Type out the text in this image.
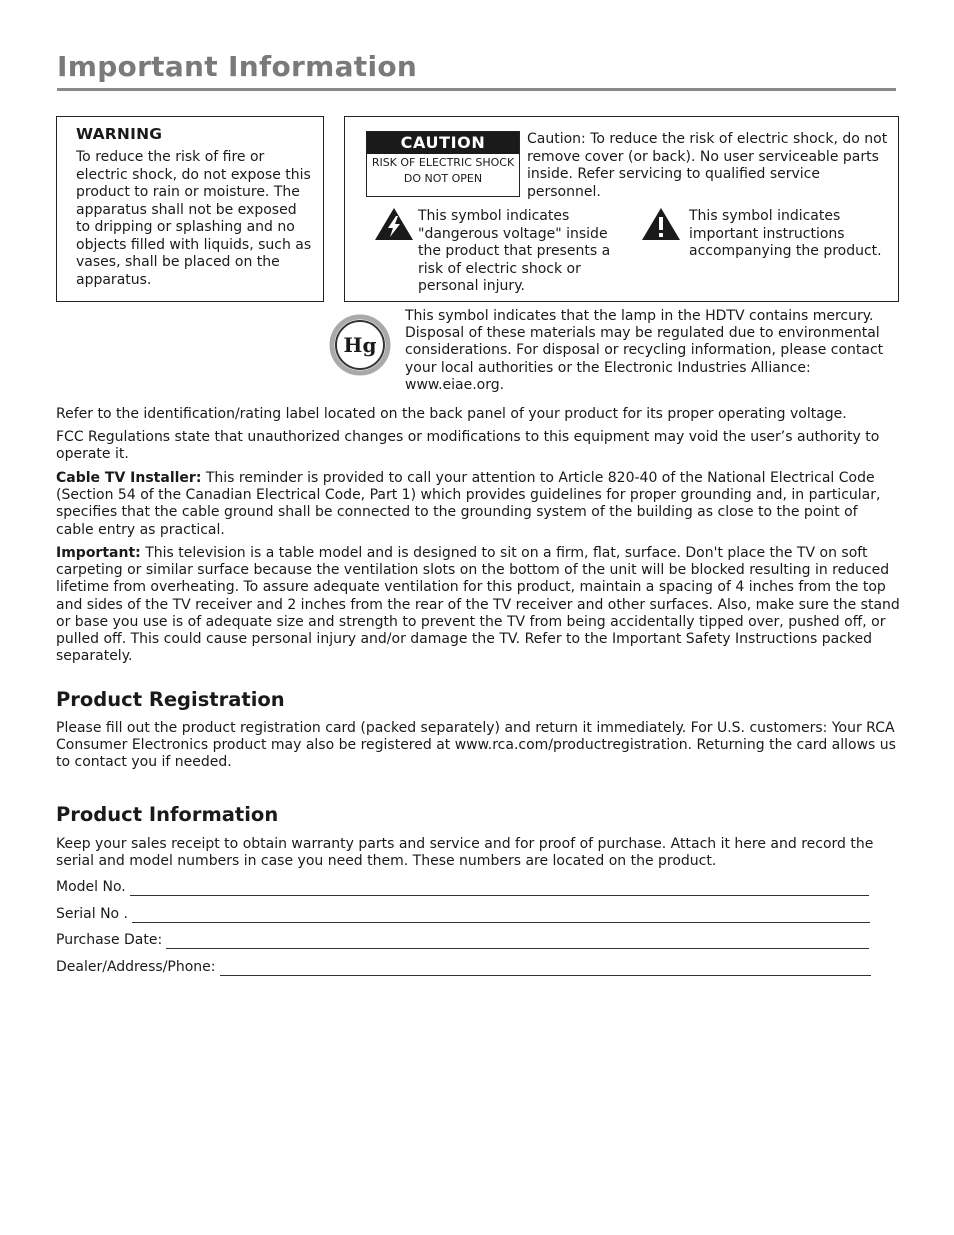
Important Information
WARNING
To reduce the risk of fire or electric shock, do not expose this product to rain or moisture. The apparatus shall not be exposed to dripping or splashing and no objects filled with liquids, such as vases, shall be placed on the apparatus.
CAUTION
RISK OF ELECTRIC SHOCK
DO NOT OPEN
Caution: To reduce the risk of electric shock, do not remove cover (or back). No user serviceable parts inside. Refer servicing to qualified service personnel.
This symbol indicates "dangerous voltage" inside the product that presents a risk of electric shock or personal injury.
This symbol indicates important instructions accompanying the product.
Hg
This symbol indicates that the lamp in the HDTV contains mercury. Disposal of these materials may be regulated due to environmental considerations. For disposal or recycling information, please contact your local authorities or the Electronic Industries Alliance: www.eiae.org.
Refer to the identification/rating label located on the back panel of your product for its proper operating voltage.
FCC Regulations state that unauthorized changes or modifications to this equipment may void the user’s authority to operate it.
Cable TV Installer: This reminder is provided to call your attention to Article 820-40 of the National Electrical Code (Section 54 of the Canadian Electrical Code, Part 1) which provides guidelines for proper grounding and, in particular, specifies that the cable ground shall be connected to the grounding system of the building as close to the point of cable entry as practical.
Important: This television is a table model and is designed to sit on a firm, flat, surface. Don't place the TV on soft carpeting or similar surface because the ventilation slots on the bottom of the unit will be blocked resulting in reduced lifetime from overheating. To assure adequate ventilation for this product, maintain a spacing of 4 inches from the top and sides of the TV receiver and 2 inches from the rear of the TV receiver and other surfaces. Also, make sure the stand or base you use is of adequate size and strength to prevent the TV from being accidentally tipped over, pushed off, or pulled off. This could cause personal injury and/or damage the TV. Refer to the Important Safety Instructions packed separately.
Product Registration
Please fill out the product registration card (packed separately) and return it immediately. For U.S. customers: Your RCA Consumer Electronics product may also be registered at www.rca.com/productregistration. Returning the card allows us to contact you if needed.
Product Information
Keep your sales receipt to obtain warranty parts and service and for proof of purchase. Attach it here and record the serial and model numbers in case you need them. These numbers are located on the product.
Model No.
Serial No .
Purchase Date:
Dealer/Address/Phone:
